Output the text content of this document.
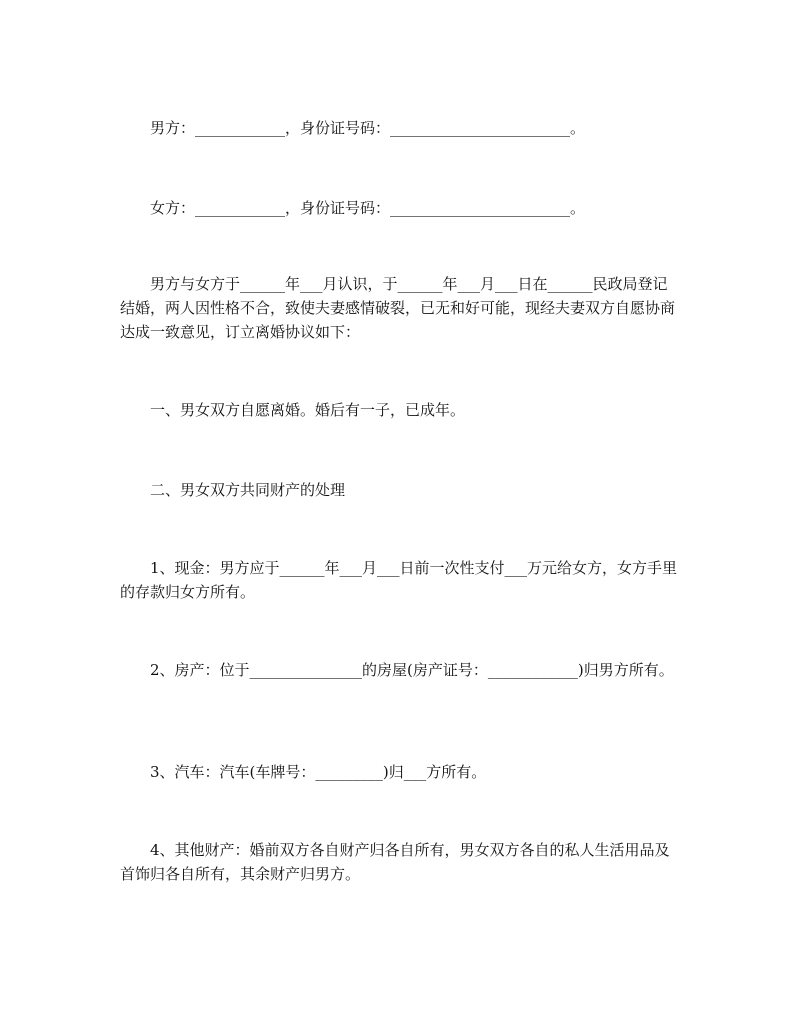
男方：____________，身份证号码：________________________。

女方：____________，身份证号码：________________________。

男方与女方于______年___月认识，于______年___月___日在______民政局登记结婚，两人因性格不合，致使夫妻感情破裂，已无和好可能，现经夫妻双方自愿协商达成一致意见，订立离婚协议如下：

一、男女双方自愿离婚。婚后有一子，已成年。

二、男女双方共同财产的处理

1、现金：男方应于______年___月___日前一次性支付___万元给女方，女方手里的存款归女方所有。

2、房产：位于_______________的房屋(房产证号：____________)归男方所有。

3、汽车：汽车(车牌号：_________)归___方所有。

4、其他财产：婚前双方各自财产归各自所有，男女双方各自的私人生活用品及首饰归各自所有，其余财产归男方。
